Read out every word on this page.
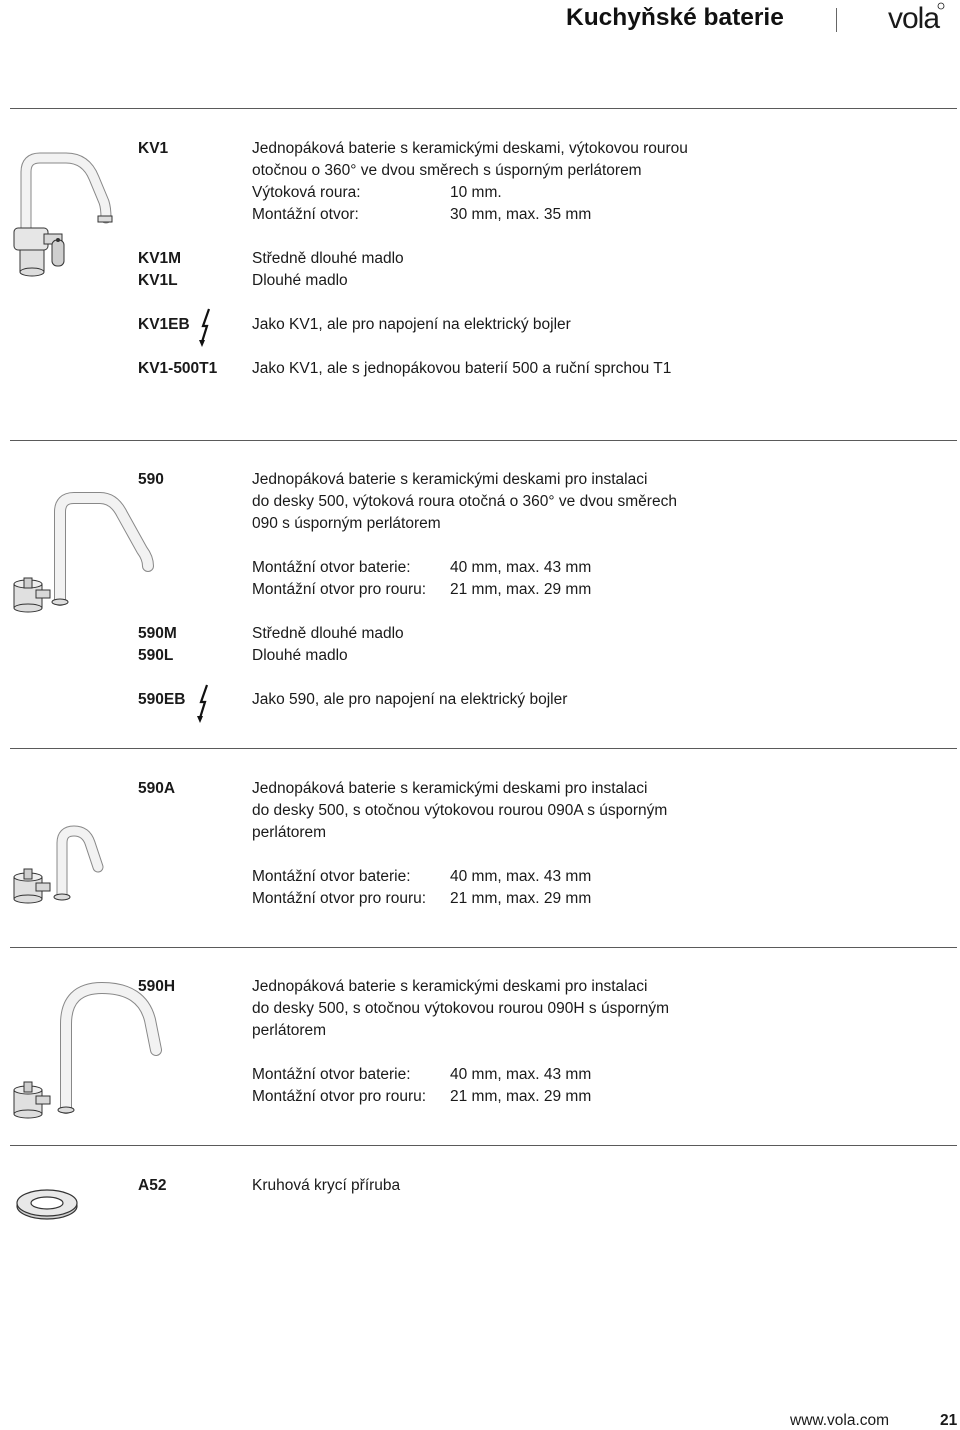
Kuchyňské baterie	vola
KV1	Jednopáková baterie s keramickými deskami, výtokovou rourou
otočnou o 360° ve dvou směrech s úsporným perlátorem
Výtoková roura:	10 mm.
Montážní otvor:	30 mm, max. 35 mm
KV1M	Středně dlouhé madlo
KV1L	Dlouhé madlo
KV1EB	Jako KV1, ale pro napojení na elektrický bojler
KV1-500T1 Jako KV1, ale s jednopákovou baterií 500 a ruční sprchou T1
590	Jednopáková baterie s keramickými deskami pro instalaci
do desky 500, výtoková roura otočná o 360° ve dvou směrech
090 s úsporným perlátorem
Montážní otvor baterie:	40 mm, max. 43 mm
Montážní otvor pro rouru:	21 mm, max. 29 mm
590M	Středně dlouhé madlo
590L	Dlouhé madlo
590EB	Jako 590, ale pro napojení na elektrický bojler
590A	Jednopáková baterie s keramickými deskami pro instalaci
do desky 500, s otočnou výtokovou rourou 090A s úsporným
perlátorem
Montážní otvor baterie:	40 mm, max. 43 mm
Montážní otvor pro rouru:	21 mm, max. 29 mm
590H	Jednopáková baterie s keramickými deskami pro instalaci
do desky 500, s otočnou výtokovou rourou 090H s úsporným
perlátorem
Montážní otvor baterie:	40 mm, max. 43 mm
Montážní otvor pro rouru:	21 mm, max. 29 mm
A52	Kruhová krycí příruba
www.vola.com	21
